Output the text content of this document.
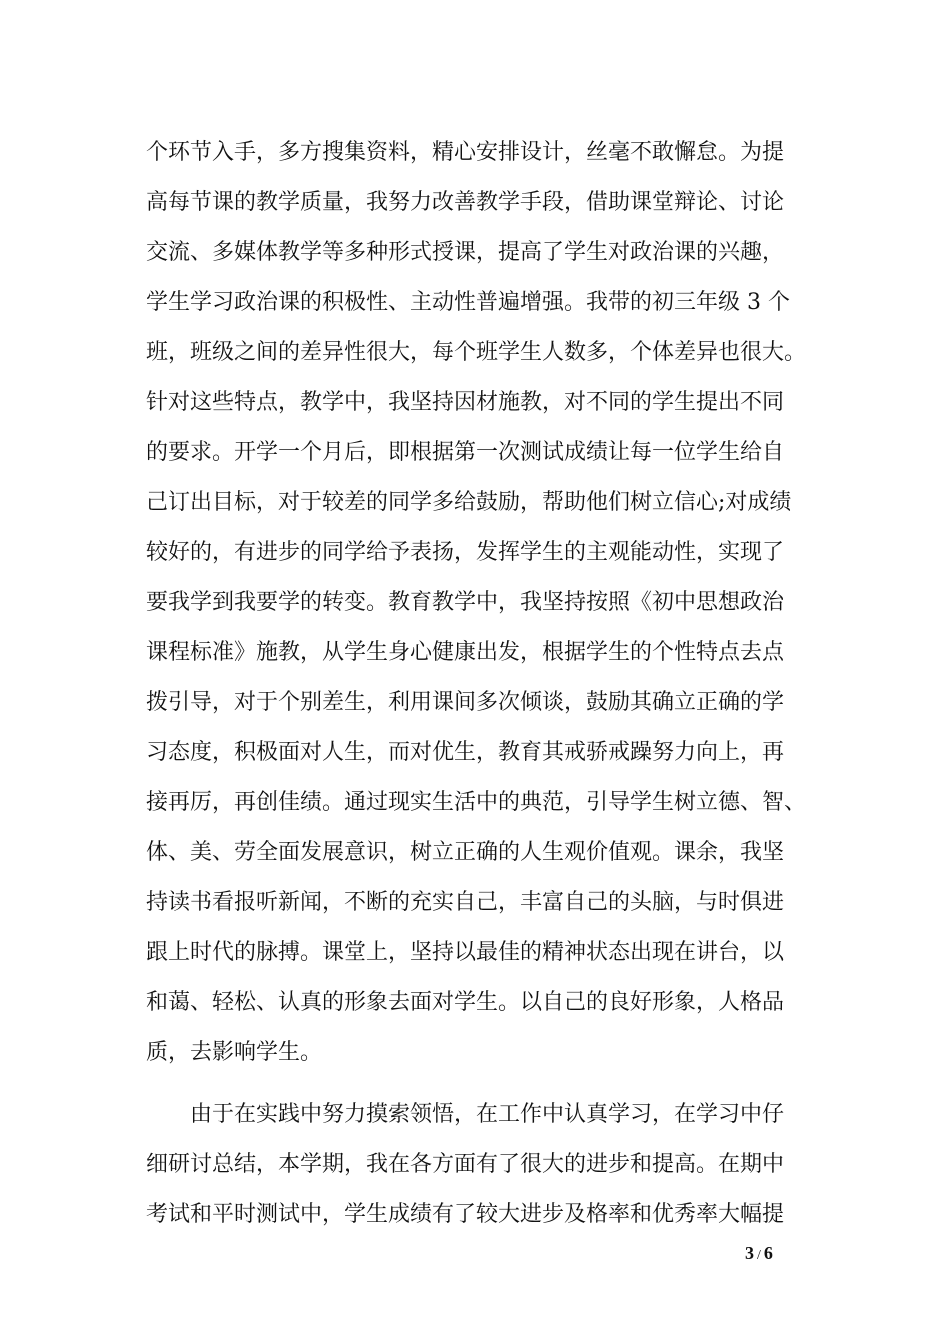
个环节入手，多方搜集资料，精心安排设计，丝毫不敢懈怠。为提
高每节课的教学质量，我努力改善教学手段，借助课堂辩论、讨论
交流、多媒体教学等多种形式授课，提高了学生对政治课的兴趣，
学生学习政治课的积极性、主动性普遍增强。我带的初三年级 3 个
班，班级之间的差异性很大，每个班学生人数多，个体差异也很大。
针对这些特点，教学中，我坚持因材施教，对不同的学生提出不同
的要求。开学一个月后，即根据第一次测试成绩让每一位学生给自
己订出目标，对于较差的同学多给鼓励，帮助他们树立信心;对成绩
较好的，有进步的同学给予表扬，发挥学生的主观能动性，实现了
要我学到我要学的转变。教育教学中，我坚持按照《初中思想政治
课程标准》施教，从学生身心健康出发，根据学生的个性特点去点
拨引导，对于个别差生，利用课间多次倾谈，鼓励其确立正确的学
习态度，积极面对人生，而对优生，教育其戒骄戒躁努力向上，再
接再厉，再创佳绩。通过现实生活中的典范，引导学生树立德、智、
体、美、劳全面发展意识，树立正确的人生观价值观。课余，我坚
持读书看报听新闻，不断的充实自己，丰富自己的头脑，与时俱进
跟上时代的脉搏。课堂上，坚持以最佳的精神状态出现在讲台，以
和蔼、轻松、认真的形象去面对学生。以自己的良好形象，人格品
质，去影响学生。
由于在实践中努力摸索领悟，在工作中认真学习，在学习中仔
细研讨总结，本学期，我在各方面有了很大的进步和提高。在期中
考试和平时测试中，学生成绩有了较大进步及格率和优秀率大幅提
3 / 6
